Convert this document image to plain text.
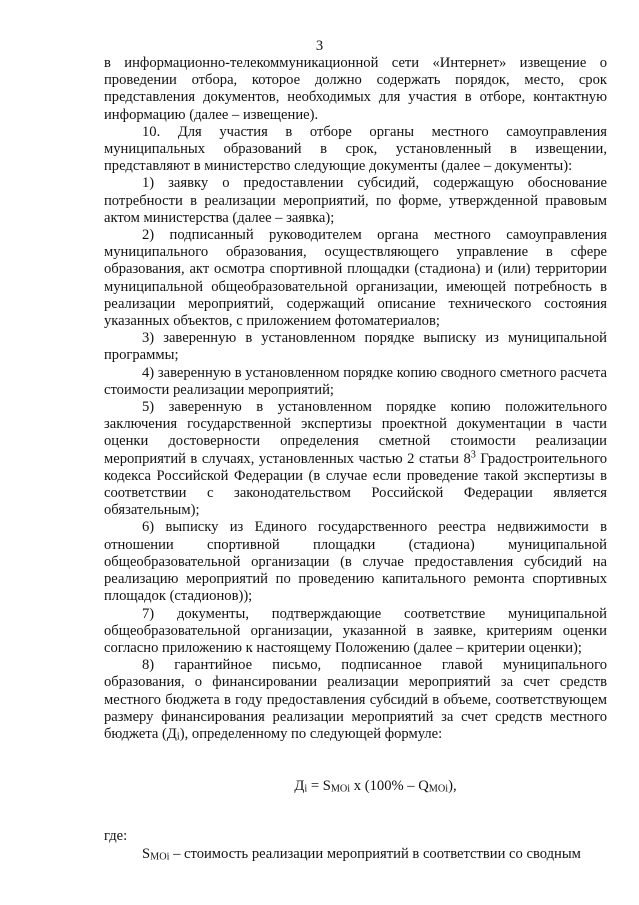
3

в информационно-телекоммуникационной сети «Интернет» извещение о проведении отбора, которое должно содержать порядок, место, срок представления документов, необходимых для участия в отборе, контактную информацию (далее – извещение).

10. Для участия в отборе органы местного самоуправления муниципальных образований в срок, установленный в извещении, представляют в министерство следующие документы (далее – документы):

1) заявку о предоставлении субсидий, содержащую обоснование потребности в реализации мероприятий, по форме, утвержденной правовым актом министерства (далее – заявка);

2) подписанный руководителем органа местного самоуправления муниципального образования, осуществляющего управление в сфере образования, акт осмотра спортивной площадки (стадиона) и (или) территории муниципальной общеобразовательной организации, имеющей потребность в реализации мероприятий, содержащий описание технического состояния указанных объектов, с приложением фотоматериалов;

3) заверенную в установленном порядке выписку из муниципальной программы;

4) заверенную в установленном порядке копию сводного сметного расчета стоимости реализации мероприятий;

5) заверенную в установленном порядке копию положительного заключения государственной экспертизы проектной документации в части оценки достоверности определения сметной стоимости реализации мероприятий в случаях, установленных частью 2 статьи $8^3$ Градостроительного кодекса Российской Федерации (в случае если проведение такой экспертизы в соответствии с законодательством Российской Федерации является обязательным);

6) выписку из Единого государственного реестра недвижимости в отношении спортивной площадки (стадиона) муниципальной общеобразовательной организации (в случае предоставления субсидий на реализацию мероприятий по проведению капитального ремонта спортивных площадок (стадионов));

7) документы, подтверждающие соответствие муниципальной общеобразовательной организации, указанной в заявке, критериям оценки согласно приложению к настоящему Положению (далее – критерии оценки);

8) гарантийное письмо, подписанное главой муниципального образования, о финансировании реализации мероприятий за счет средств местного бюджета в году предоставления субсидий в объеме, соответствующем размеру финансирования реализации мероприятий за счет средств местного бюджета (Дi), определенному по следующей формуле:

Дi = SMOi x (100% – QMOi),

где:

SMOi – стоимость реализации мероприятий в соответствии со сводным
